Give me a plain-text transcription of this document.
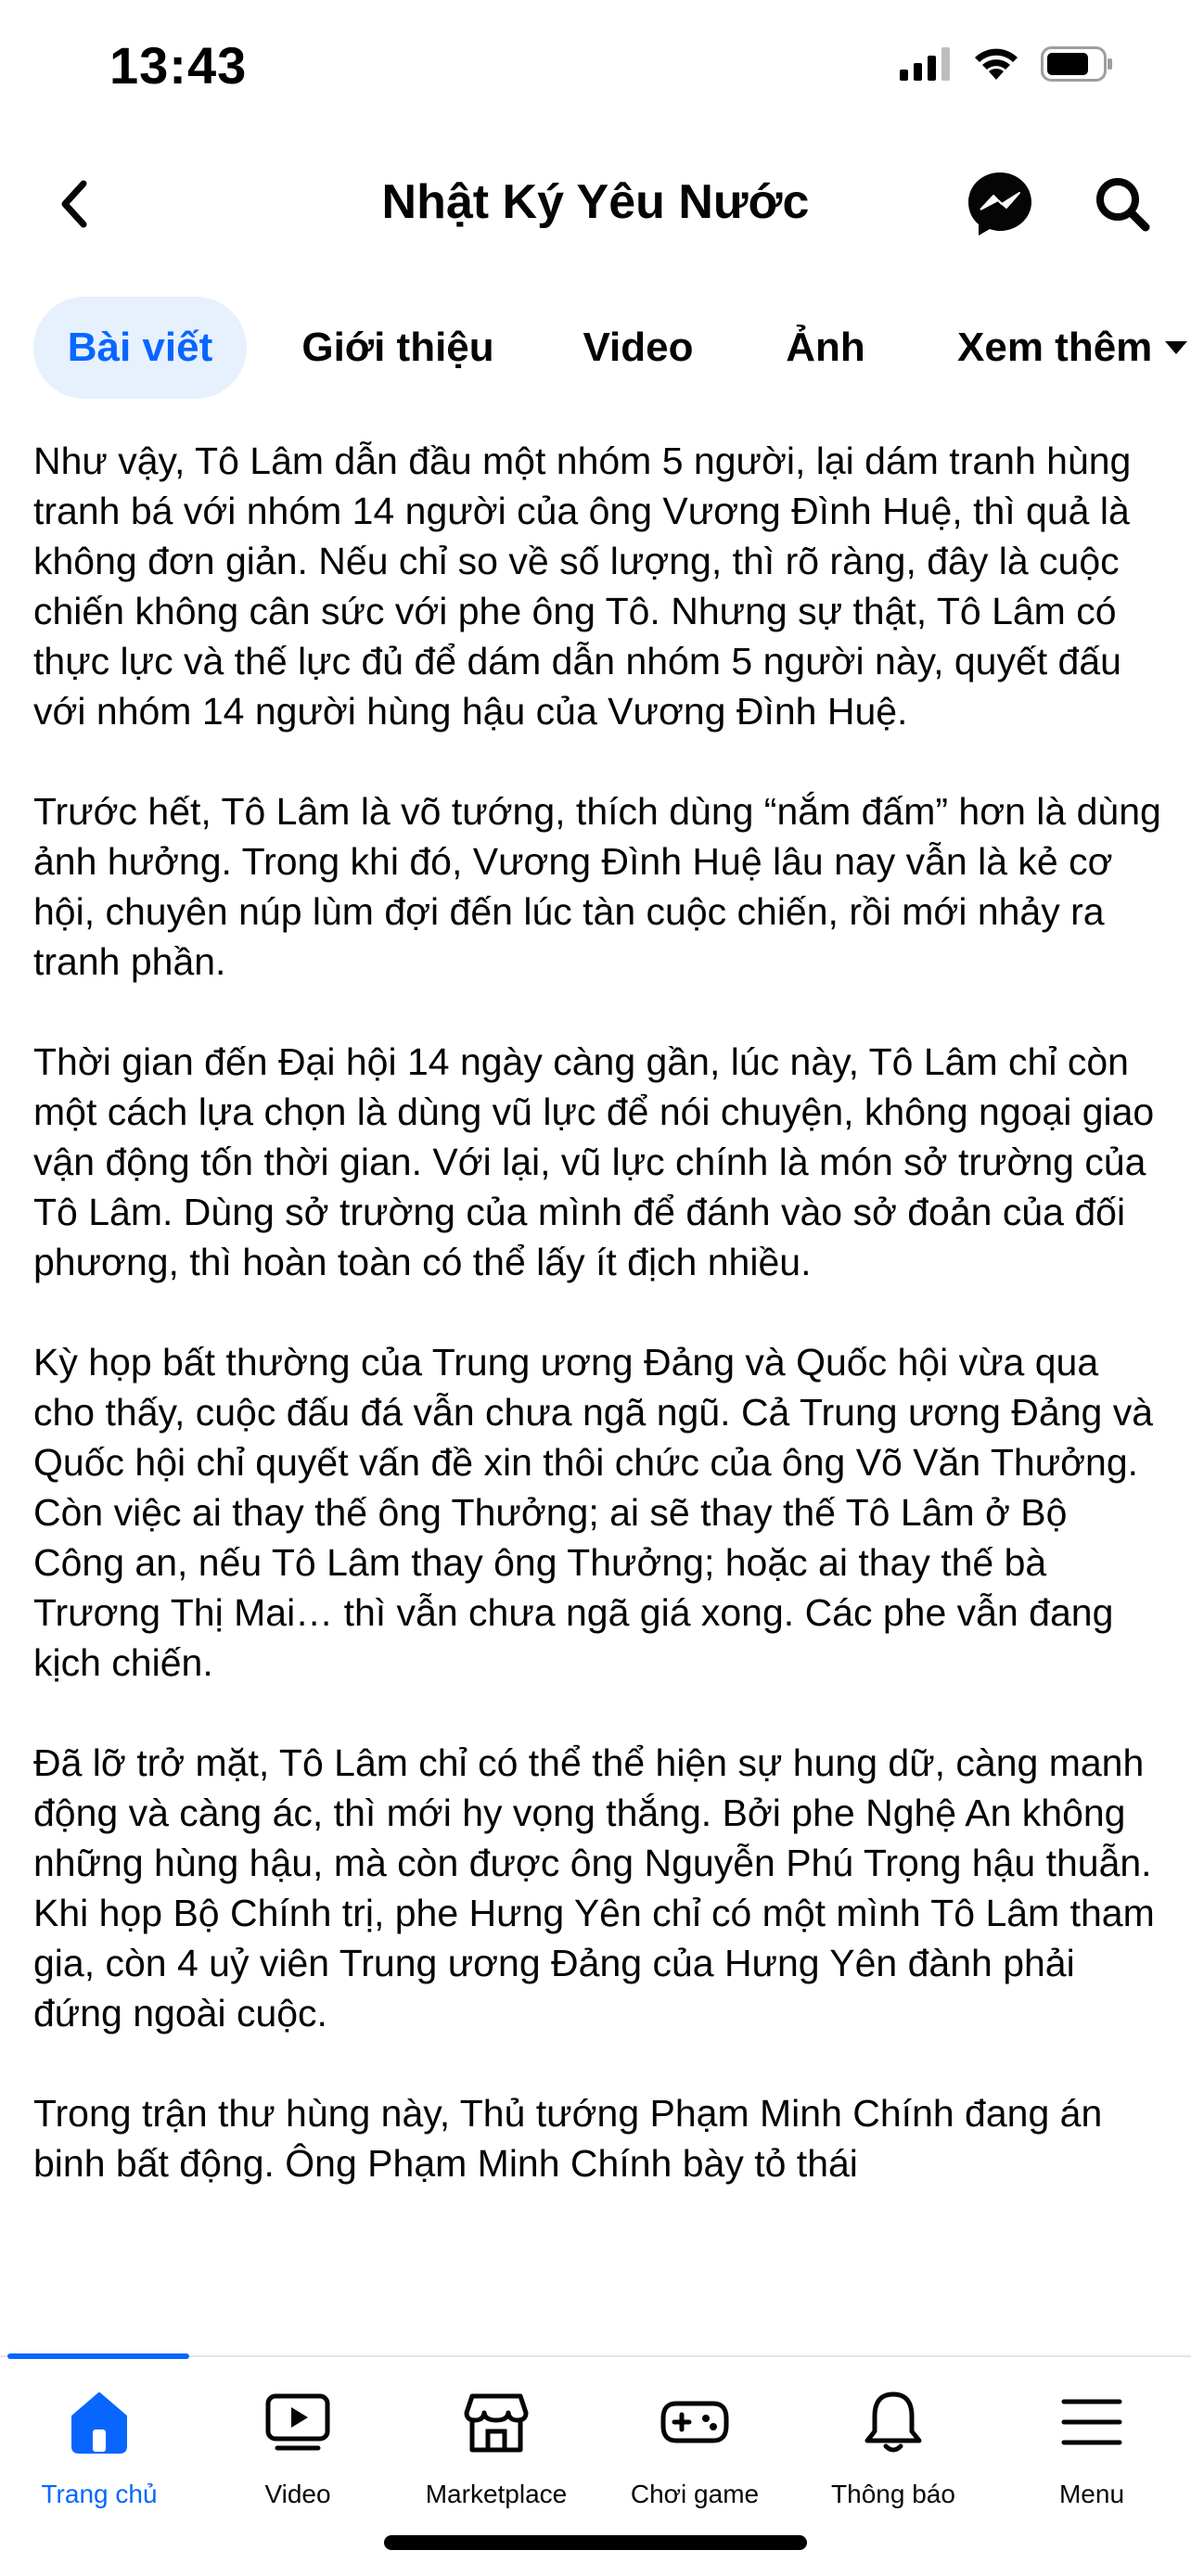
13:43
Nhật Ký Yêu Nước
Bài viết Giới thiệu Video Ảnh Xem thêm

Như vậy, Tô Lâm dẫn đầu một nhóm 5 người, lại dám tranh hùng tranh bá với nhóm 14 người của ông Vương Đình Huệ, thì quả là không đơn giản. Nếu chỉ so về số lượng, thì rõ ràng, đây là cuộc chiến không cân sức với phe ông Tô. Nhưng sự thật, Tô Lâm có thực lực và thế lực đủ để dám dẫn nhóm 5 người này, quyết đấu với nhóm 14 người hùng hậu của Vương Đình Huệ.

Trước hết, Tô Lâm là võ tướng, thích dùng “nắm đấm” hơn là dùng ảnh hưởng. Trong khi đó, Vương Đình Huệ lâu nay vẫn là kẻ cơ hội, chuyên núp lùm đợi đến lúc tàn cuộc chiến, rồi mới nhảy ra tranh phần.

Thời gian đến Đại hội 14 ngày càng gần, lúc này, Tô Lâm chỉ còn một cách lựa chọn là dùng vũ lực để nói chuyện, không ngoại giao vận động tốn thời gian. Với lại, vũ lực chính là món sở trường của Tô Lâm. Dùng sở trường của mình để đánh vào sở đoản của đối phương, thì hoàn toàn có thể lấy ít địch nhiều.

Kỳ họp bất thường của Trung ương Đảng và Quốc hội vừa qua cho thấy, cuộc đấu đá vẫn chưa ngã ngũ. Cả Trung ương Đảng và Quốc hội chỉ quyết vấn đề xin thôi chức của ông Võ Văn Thưởng. Còn việc ai thay thế ông Thưởng; ai sẽ thay thế Tô Lâm ở Bộ Công an, nếu Tô Lâm thay ông Thưởng; hoặc ai thay thế bà Trương Thị Mai… thì vẫn chưa ngã giá xong. Các phe vẫn đang kịch chiến.

Đã lỡ trở mặt, Tô Lâm chỉ có thể thể hiện sự hung dữ, càng manh động và càng ác, thì mới hy vọng thắng. Bởi phe Nghệ An không những hùng hậu, mà còn được ông Nguyễn Phú Trọng hậu thuẫn. Khi họp Bộ Chính trị, phe Hưng Yên chỉ có một mình Tô Lâm tham gia, còn 4 uỷ viên Trung ương Đảng của Hưng Yên đành phải đứng ngoài cuộc.

Trong trận thư hùng này, Thủ tướng Phạm Minh Chính đang án binh bất động. Ông Phạm Minh Chính bày tỏ thái

Trang chủ	Video	Marketplace Chơi game	Thông báo	Menu
